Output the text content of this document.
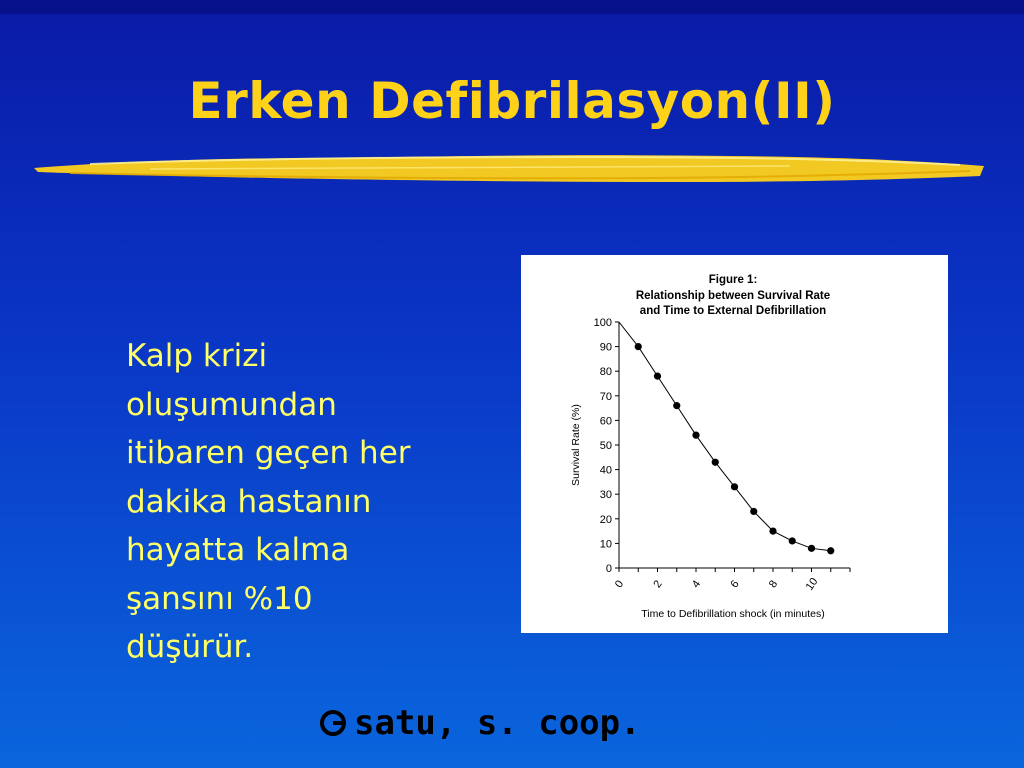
Erken Defibrilasyon(II)
Kalp krizi
oluşumundan
itibaren geçen her
dakika hastanın
hayatta kalma
şansını %10
düşürür.
Figure 1:
Relationship between Survival Rate
and Time to External Defibrillation
0
10
20
30
40
50
60
70
80
90
100
0 2 4 6 8 10
Time to Defibrillation shock (in minutes)
Survival Rate (%)
satu, s. coop.
